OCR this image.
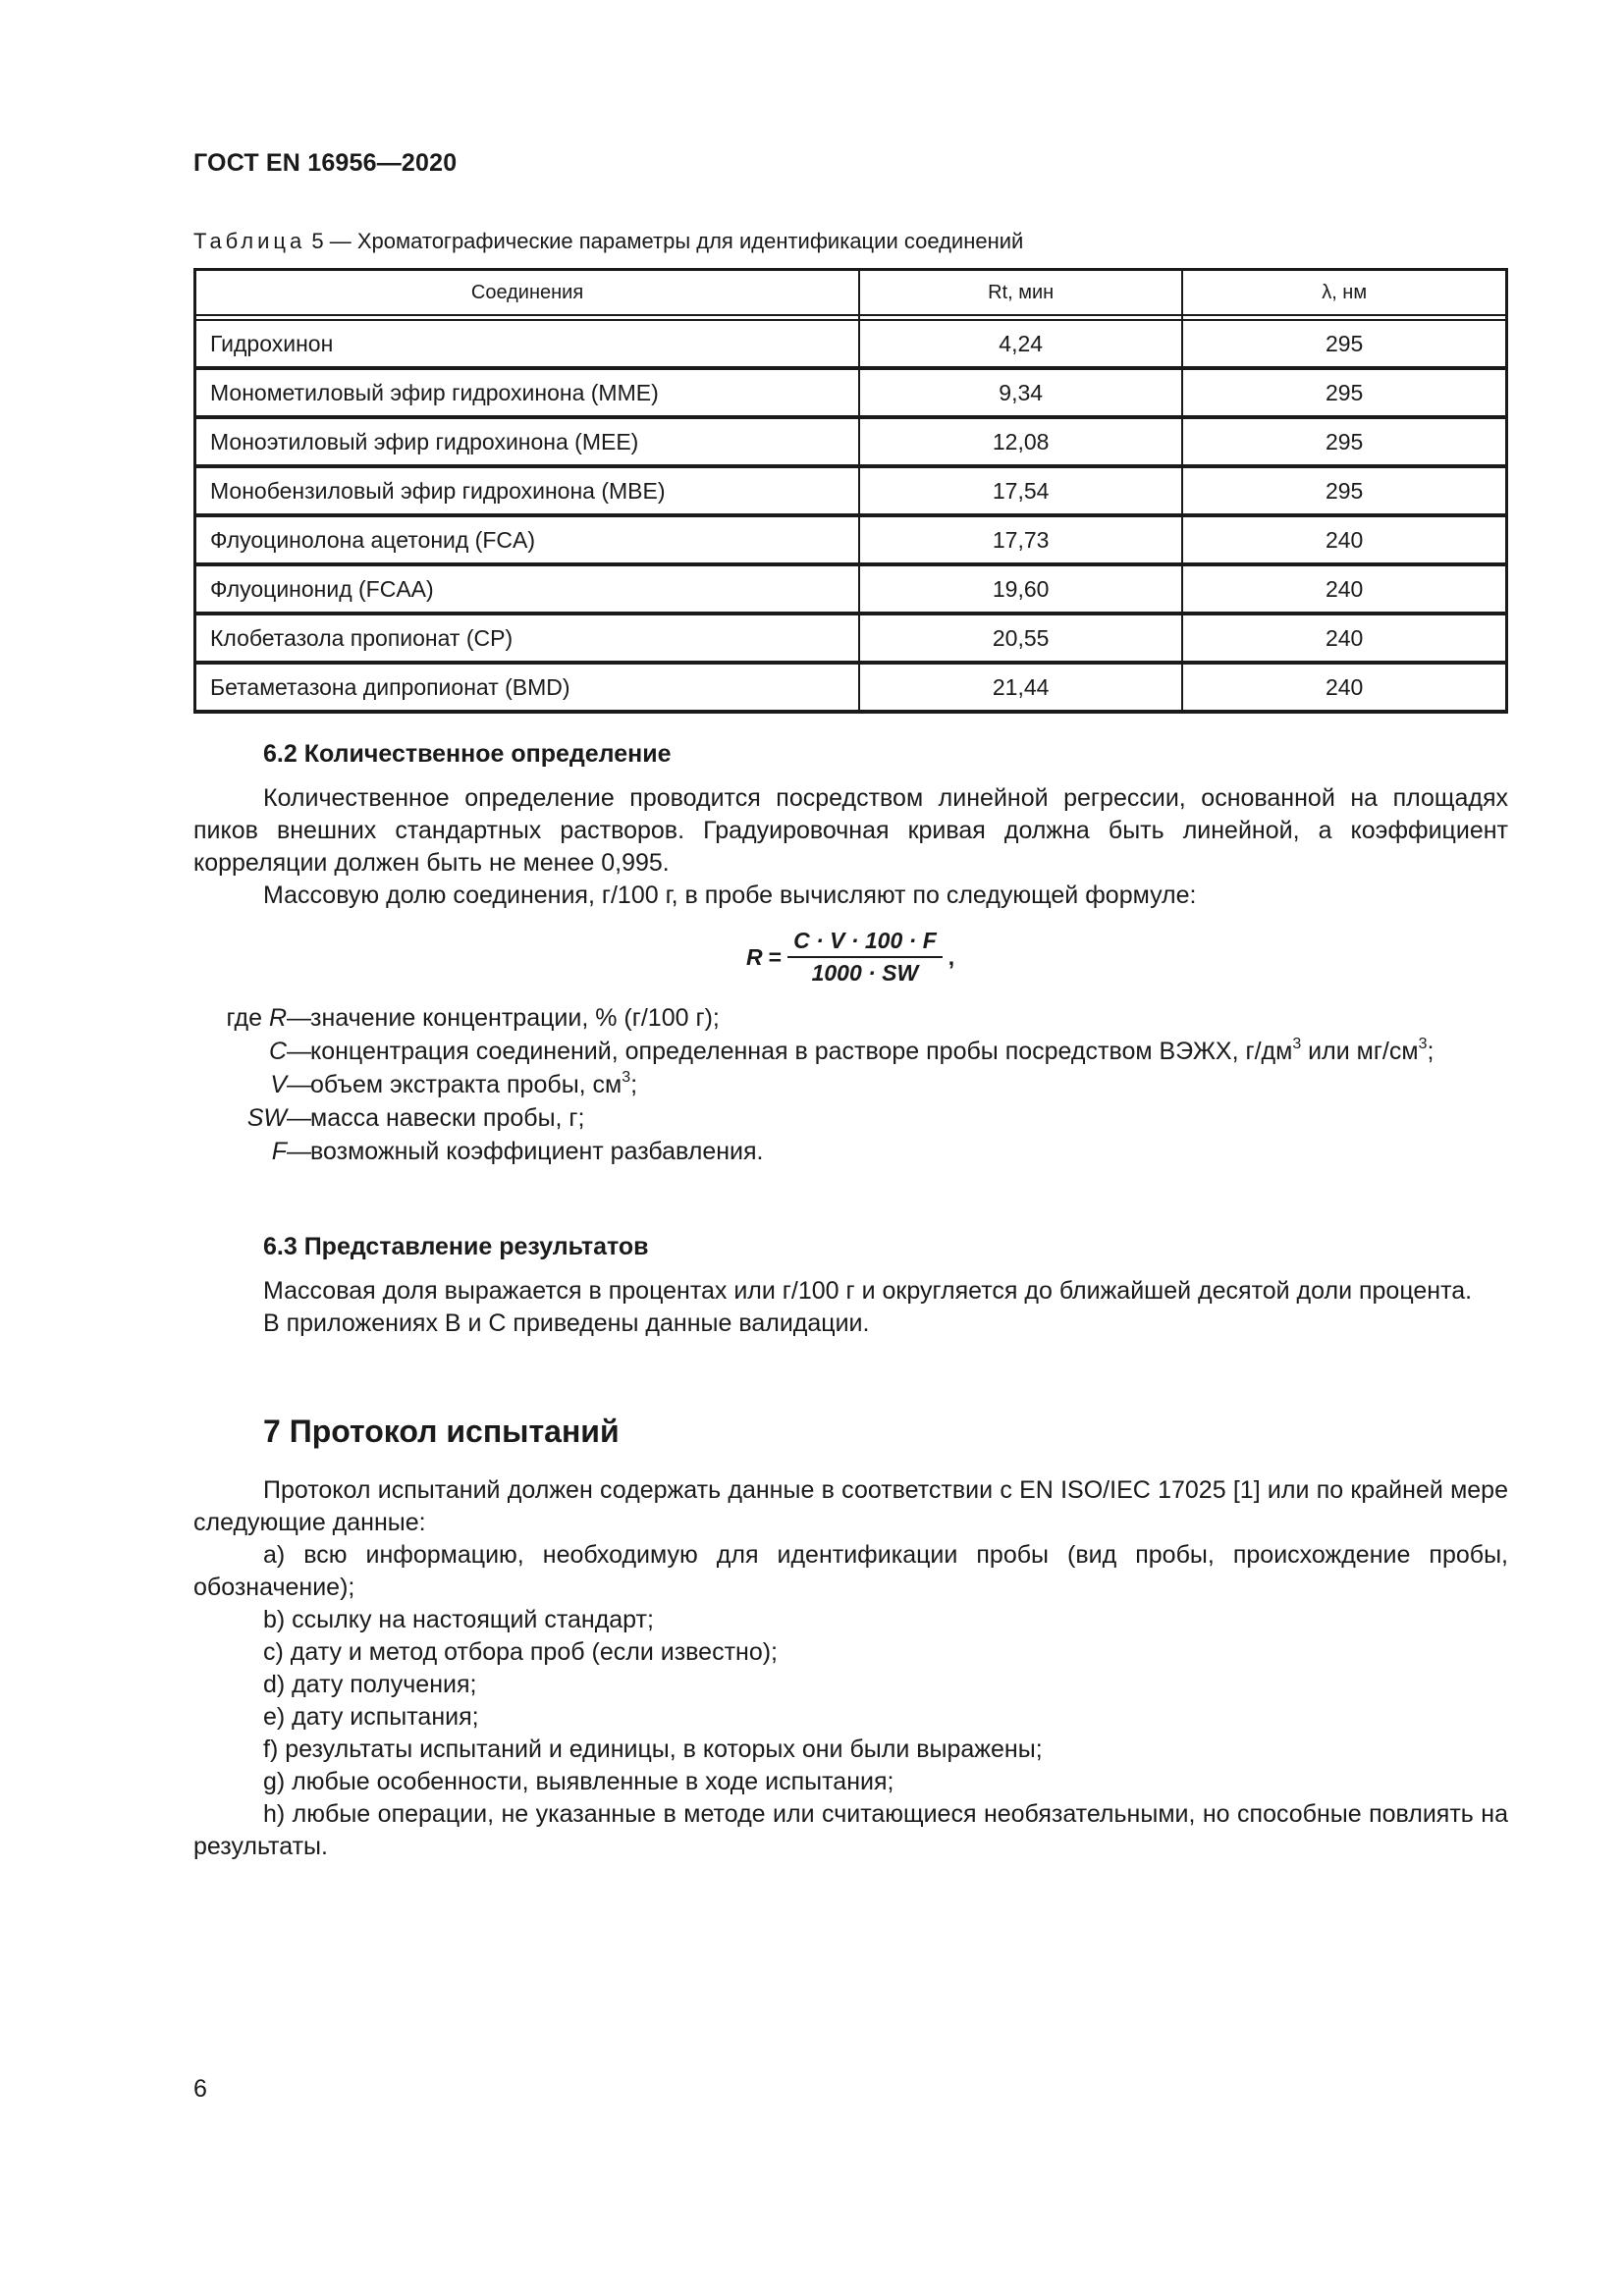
ГОСТ EN 16956—2020
Таблица 5 — Хроматографические параметры для идентификации соединений
Соединения	Rt, мин	λ, нм

Гидрохинон	4,24	295
Монометиловый эфир гидрохинона (MME)	9,34	295
Моноэтиловый эфир гидрохинона (MEE)	12,08	295
Монобензиловый эфир гидрохинона (MBE)	17,54	295
Флуоцинолона ацетонид (FCA)	17,73	240
Флуоцинонид (FCAA)	19,60	240
Клобетазола пропионат (CP)	20,55	240
Бетаметазона дипропионат (BMD)	21,44	240

6.2 Количественное определение

Количественное определение проводится посредством линейной регрессии, основанной на площадях пиков внешних стандартных растворов. Градуировочная кривая должна быть линейной, а коэффициент корреляции должен быть не менее 0,995.

Массовую долю соединения, г/100 г, в пробе вычисляют по следующей формуле:

$R = \frac{C \cdot V \cdot 100 \cdot F}{1000 \cdot SW}$ ,
где R — значение концентрации, % (г/100 г);
C — концентрация соединений, определенная в растворе пробы посредством ВЭЖХ, $г/дм^3$ или $мг/см^3$;
V — объем экстракта пробы, $см^3$;
SW — масса навески пробы, г;
F — возможный коэффициент разбавления.

6.3 Представление результатов

Массовая доля выражается в процентах или г/100 г и округляется до ближайшей десятой доли процента.

В приложениях B и C приведены данные валидации.

7 Протокол испытаний

Протокол испытаний должен содержать данные в соответствии с EN ISO/IEC 17025 [1] или по крайней мере следующие данные:

a) всю информацию, необходимую для идентификации пробы (вид пробы, происхождение пробы, обозначение);

b) ссылку на настоящий стандарт;

c) дату и метод отбора проб (если известно);

d) дату получения;

e) дату испытания;

f) результаты испытаний и единицы, в которых они были выражены;

g) любые особенности, выявленные в ходе испытания;

h) любые операции, не указанные в методе или считающиеся необязательными, но способные повлиять на результаты.

6
